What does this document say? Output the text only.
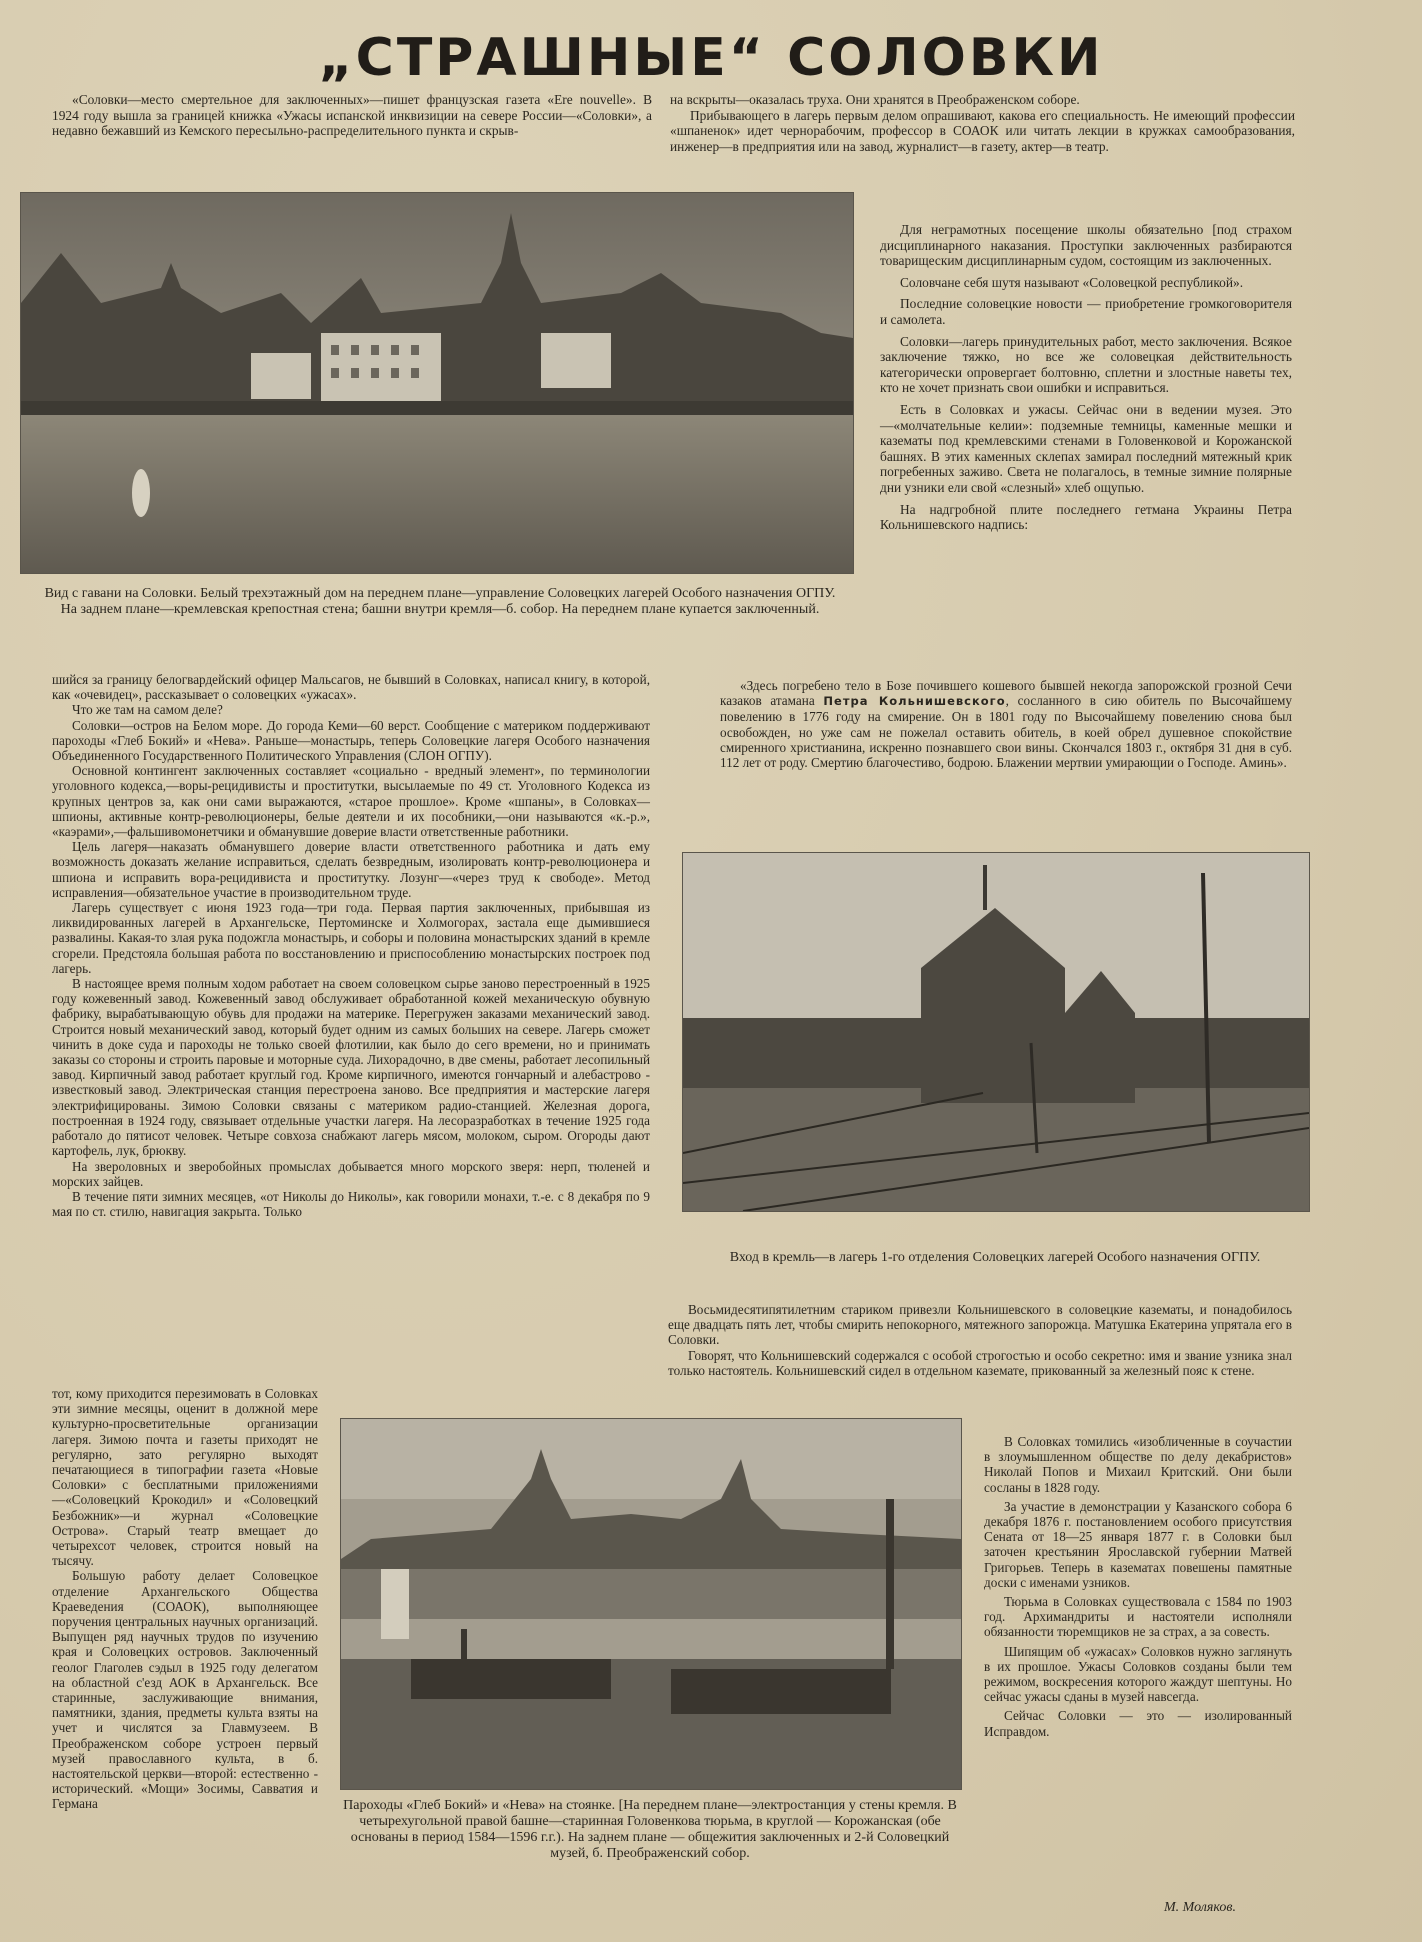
„СТРАШНЫЕ“ СОЛОВКИ

«Соловки—место смертельное для заключенных»—пишет французская газета «Ere nouvelle». В 1924 году вышла за границей книжка «Ужасы испанской инквизиции на севере России—«Соловки», а недавно бежавший из Кемского пересыльно-распределительного пункта и скрыв-

на вскрыты—оказалась труха. Они хранятся в Преображенском соборе.

Прибывающего в лагерь первым делом опрашивают, какова его специальность. Не имеющий профессии «шпаненок» идет чернорабочим, профессор в СОАОК или читать лекции в кружках самообразования, инженер—в предприятия или на завод, журналист—в газету, актер—в театр.

Вид с гавани на Соловки. Белый трехэтажный дом на переднем плане—управление Соловецких лагерей Особого назначения ОГПУ. На заднем плане—кремлевская крепостная стена; башни внутри кремля—б. собор. На переднем плане купается заключенный.

Для неграмотных посещение школы обязательно [под страхом дисциплинарного наказания. Проступки заключенных разбираются товарищеским дисциплинарным судом, состоящим из заключенных.

Соловчане себя шутя называют «Соловецкой республикой».

Последние соловецкие новости — приобретение громкоговорителя и самолета.

Соловки—лагерь принудительных работ, место заключения. Всякое заключение тяжко, но все же соловецкая действительность категорически опровергает болтовню, сплетни и злостные наветы тех, кто не хочет признать свои ошибки и исправиться.

Есть в Соловках и ужасы. Сейчас они в ведении музея. Это—«молчательные келии»: подземные темницы, каменные мешки и казематы под кремлевскими стенами в Головенковой и Корожанской башнях. В этих каменных склепах замирал последний мятежный крик погребенных заживо. Света не полагалось, в темные зимние полярные дни узники ели свой «слезный» хлеб ощупью.

На надгробной плите последнего гетмана Украины Петра Кольнишевского надпись:

«Здесь погребено тело в Бозе почившего кошевого бывшей некогда запорожской грозной Сечи казаков атамана Петра Кольнишевского, сосланного в сию обитель по Высочайшему повелению в 1776 году на смирение. Он в 1801 году по Высочайшему повелению снова был освобожден, но уже сам не пожелал оставить обитель, в коей обрел душевное спокойствие смиренного христианина, искренно познавшего свои вины. Скончался 1803 г., октября 31 дня в суб. 112 лет от роду. Смертию благочестиво, бодрою. Блажении мертвии умирающии о Господе. Аминь».

шийся за границу белогвардейский офицер Мальсагов, не бывший в Соловках, написал книгу, в которой, как «очевидец», рассказывает о соловецких «ужасах».

Что же там на самом деле?

Соловки—остров на Белом море. До города Кеми—60 верст. Сообщение с материком поддерживают пароходы «Глеб Бокий» и «Нева». Раньше—монастырь, теперь Соловецкие лагеря Особого назначения Объединенного Государственного Политического Управления (СЛОН ОГПУ).

Основной контингент заключенных составляет «социально - вредный элемент», по терминологии уголовного кодекса,—воры-рецидивисты и проститутки, высылаемые по 49 ст. Уголовного Кодекса из крупных центров за, как они сами выражаются, «старое прошлое». Кроме «шпаны», в Соловках—шпионы, активные контр-революционеры, белые деятели и их пособники,—они называются «к.-р.», «каэрами»,—фальшивомонетчики и обманувшие доверие власти ответственные работники.

Цель лагеря—наказать обманувшего доверие власти ответственного работника и дать ему возможность доказать желание исправиться, сделать безвредным, изолировать контр-революционера и шпиона и исправить вора-рецидивиста и проститутку. Лозунг—«через труд к свободе». Метод исправления—обязательное участие в производительном труде.

Лагерь существует с июня 1923 года—три года. Первая партия заключенных, прибывшая из ликвидированных лагерей в Архангельске, Пертоминске и Холмогорах, застала еще дымившиеся развалины. Какая-то злая рука подожгла монастырь, и соборы и половина монастырских зданий в кремле сгорели. Предстояла большая работа по восстановлению и приспособлению монастырских построек под лагерь.

В настоящее время полным ходом работает на своем соловецком сырье заново перестроенный в 1925 году кожевенный завод. Кожевенный завод обслуживает обработанной кожей механическую обувную фабрику, вырабатывающую обувь для продажи на материке. Перегружен заказами механический завод. Строится новый механический завод, который будет одним из самых больших на севере. Лагерь сможет чинить в доке суда и пароходы не только своей флотилии, как было до сего времени, но и принимать заказы со стороны и строить паровые и моторные суда. Лихорадочно, в две смены, работает лесопильный завод. Кирпичный завод работает круглый год. Кроме кирпичного, имеются гончарный и алебастрово - известковый завод. Электрическая станция перестроена заново. Все предприятия и мастерские лагеря электрифицированы. Зимою Соловки связаны с материком радио-станцией. Железная дорога, построенная в 1924 году, связывает отдельные участки лагеря. На лесоразработках в течение 1925 года работало до пятисот человек. Четыре совхоза снабжают лагерь мясом, молоком, сыром. Огороды дают картофель, лук, брюкву.

На звероловных и зверобойных промыслах добывается много морского зверя: нерп, тюленей и морских зайцев.

В течение пяти зимних месяцев, «от Николы до Николы», как говорили монахи, т.-е. с 8 декабря по 9 мая по ст. стилю, навигация закрыта. Только

Вход в кремль—в лагерь 1-го отделения Соловецких лагерей Особого назначения ОГПУ.

Восьмидесятипятилетним стариком привезли Кольнишевского в соловецкие казематы, и понадобилось еще двадцать пять лет, чтобы смирить непокорного, мятежного запорожца. Матушка Екатерина упрятала его в Соловки.

Говорят, что Кольнишевский содержался с особой строгостью и особо секретно: имя и звание узника знал только настоятель. Кольнишевский сидел в отдельном каземате, прикованный за железный пояс к стене.

тот, кому приходится перезимовать в Соловках эти зимние месяцы, оценит в должной мере культурно-просветительные организации лагеря. Зимою почта и газеты приходят не регулярно, зато регулярно выходят печатающиеся в типографии газета «Новые Соловки» с бесплатными приложениями—«Соловецкий Крокодил» и «Соловецкий Безбожник»—и журнал «Соловецкие Острова». Старый театр вмещает до четырехсот человек, строится новый на тысячу.

Большую работу делает Соловецкое отделение Архангельского Общества Краеведения (СОАОК), выполняющее поручения центральных научных организаций. Выпущен ряд научных трудов по изучению края и Соловецких островов. Заключенный геолог Глаголев сэдыл в 1925 году делегатом на областной с'езд АОК в Архангельск. Все старинные, заслуживающие внимания, памятники, здания, предметы культа взяты на учет и числятся за Главмузеем. В Преображенском соборе устроен первый музей православного культа, в б. настоятельской церкви—второй: естественно - исторический. «Мощи» Зосимы, Савватия и Германа	Пароходы «Глеб Бокий» и «Нева» на стоянке. [На переднем плане—электростанция у стены кремля. В четырехугольной правой башне—старинная Головенкова тюрьма, в круглой — Корожанская (обе основаны в период 1584—1596 г.г.). На заднем плане — общежития заключенных и 2-й Соловецкий музей, б. Преображенский собор.

В Соловках томились «изобличенные в соучастии в злоумышленном обществе по делу декабристов» Николай Попов и Михаил Критский. Они были сосланы в 1828 году.

За участие в демонстрации у Казанского собора 6 декабря 1876 г. постановлением особого присутствия Сената от 18—25 января 1877 г. в Соловки был заточен крестьянин Ярославской губернии Матвей Григорьев. Теперь в казематах повешены памятные доски с именами узников.

Тюрьма в Соловках существовала с 1584 по 1903 год. Архимандриты и настоятели исполняли обязанности тюремщиков не за страх, а за совесть.

Шипящим об «ужасах» Соловков нужно заглянуть в их прошлое. Ужасы Соловков созданы были тем режимом, воскресения которого жаждут шептуны. Но сейчас ужасы сданы в музей навсегда.

Сейчас Соловки — это — изолированный Исправдом.

М. Моляков.
